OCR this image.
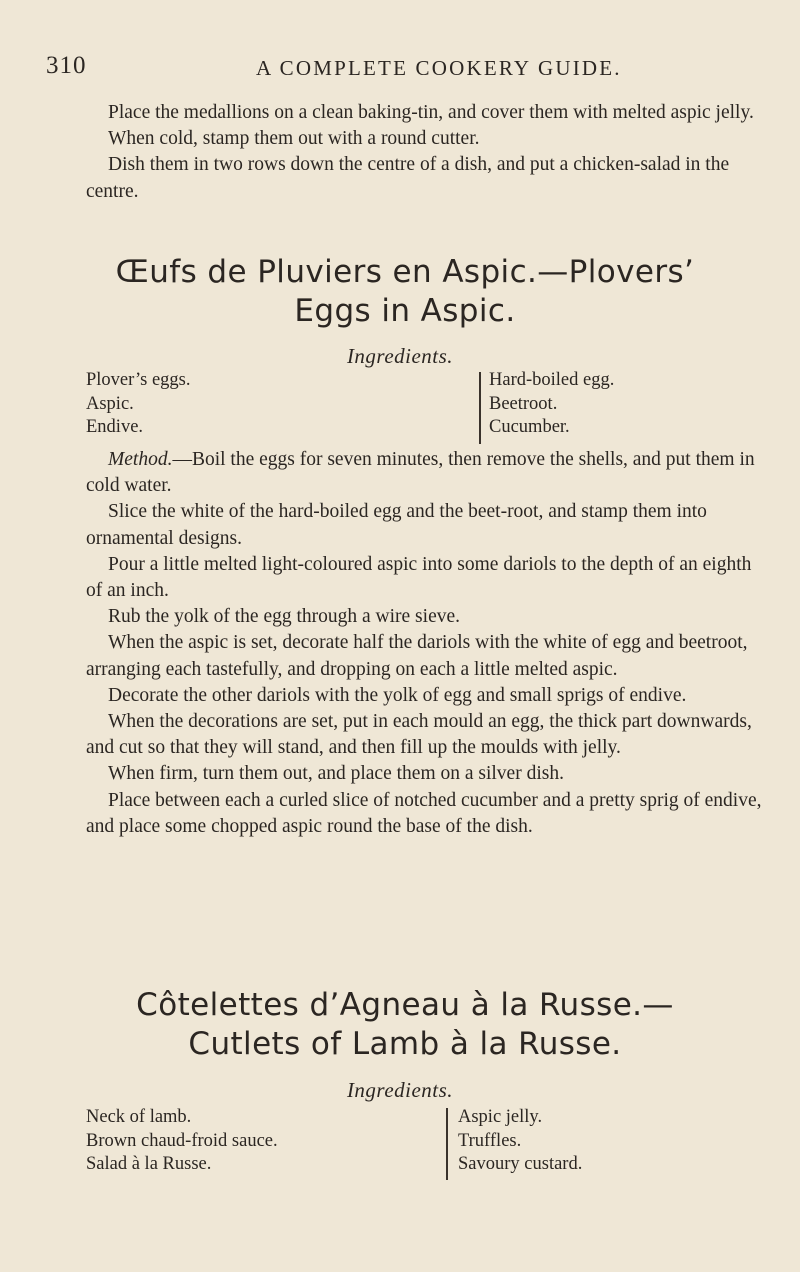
310	A COMPLETE COOKERY GUIDE.

Place the medallions on a clean baking-tin, and cover them with melted aspic jelly.

When cold, stamp them out with a round cutter.

Dish them in two rows down the centre of a dish, and put a chicken-salad in the centre.

Œufs de Pluviers en Aspic.—Plovers’
Eggs in Aspic.
Ingredients.
Plover’s eggs.
Aspic.
Endive.
Hard-boiled egg.
Beetroot.
Cucumber.

Method.—Boil the eggs for seven minutes, then remove the shells, and put them in cold water.

Slice the white of the hard-boiled egg and the beet-root, and stamp them into ornamental designs.

Pour a little melted light-coloured aspic into some dariols to the depth of an eighth of an inch.

Rub the yolk of the egg through a wire sieve.

When the aspic is set, decorate half the dariols with the white of egg and beetroot, arranging each tastefully, and dropping on each a little melted aspic.

Decorate the other dariols with the yolk of egg and small sprigs of endive.

When the decorations are set, put in each mould an egg, the thick part downwards, and cut so that they will stand, and then fill up the moulds with jelly.

When firm, turn them out, and place them on a silver dish.

Place between each a curled slice of notched cucumber and a pretty sprig of endive, and place some chopped aspic round the base of the dish.

Côtelettes d’Agneau à la Russe.—
Cutlets of Lamb à la Russe.
Ingredients.
Neck of lamb.
Brown chaud-froid sauce.
Salad à la Russe.
Aspic jelly.
Truffles.
Savoury custard.
